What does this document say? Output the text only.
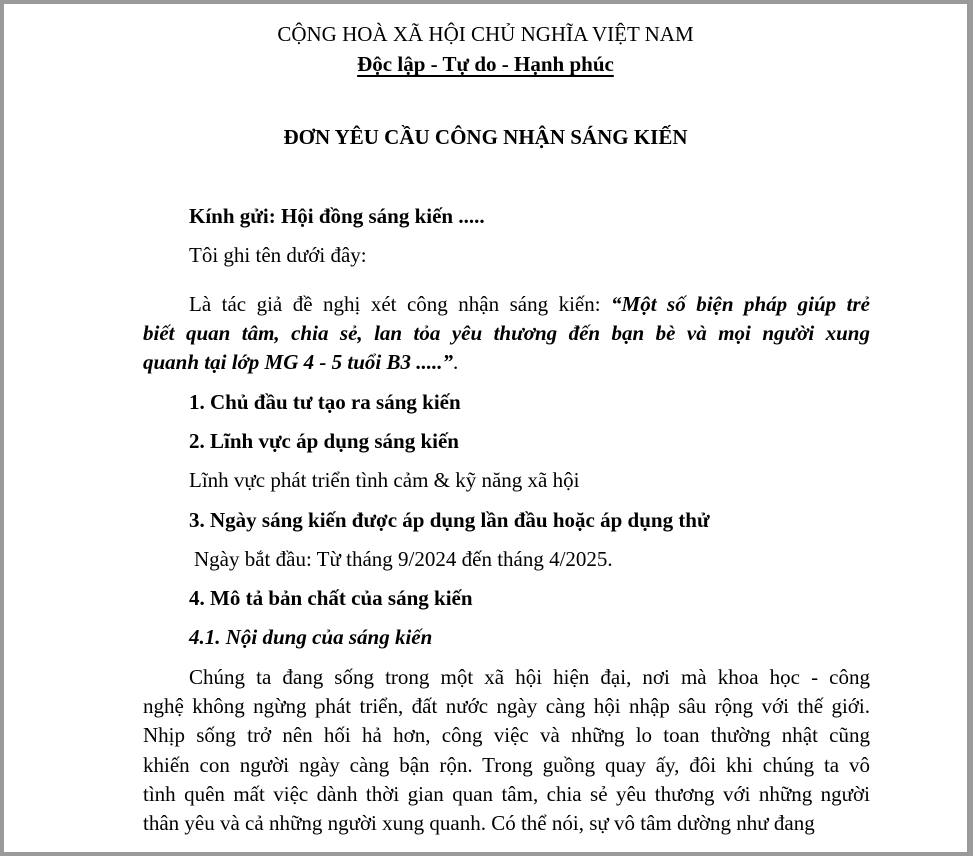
CỘNG HOÀ XÃ HỘI CHỦ NGHĨA VIỆT NAM
Độc lập - Tự do - Hạnh phúc
ĐƠN YÊU CẦU CÔNG NHẬN SÁNG KIẾN
Kính gửi: Hội đồng sáng kiến .....
Tôi ghi tên dưới đây:
Là tác giả đề nghị xét công nhận sáng kiến: “Một số biện pháp giúp trẻ
biết quan tâm, chia sẻ, lan tỏa yêu thương đến bạn bè và mọi người xung
quanh tại lớp MG 4 - 5 tuổi B3 .....”.
1. Chủ đầu tư tạo ra sáng kiến
2. Lĩnh vực áp dụng sáng kiến
Lĩnh vực phát triển tình cảm & kỹ năng xã hội
3. Ngày sáng kiến được áp dụng lần đầu hoặc áp dụng thử
Ngày bắt đầu: Từ tháng 9/2024 đến tháng 4/2025.
4. Mô tả bản chất của sáng kiến
4.1. Nội dung của sáng kiến
Chúng ta đang sống trong một xã hội hiện đại, nơi mà khoa học - công
nghệ không ngừng phát triển, đất nước ngày càng hội nhập sâu rộng với thế giới.
Nhịp sống trở nên hối hả hơn, công việc và những lo toan thường nhật cũng
khiến con người ngày càng bận rộn. Trong guồng quay ấy, đôi khi chúng ta vô
tình quên mất việc dành thời gian quan tâm, chia sẻ yêu thương với những người
thân yêu và cả những người xung quanh. Có thể nói, sự vô tâm dường như đang
